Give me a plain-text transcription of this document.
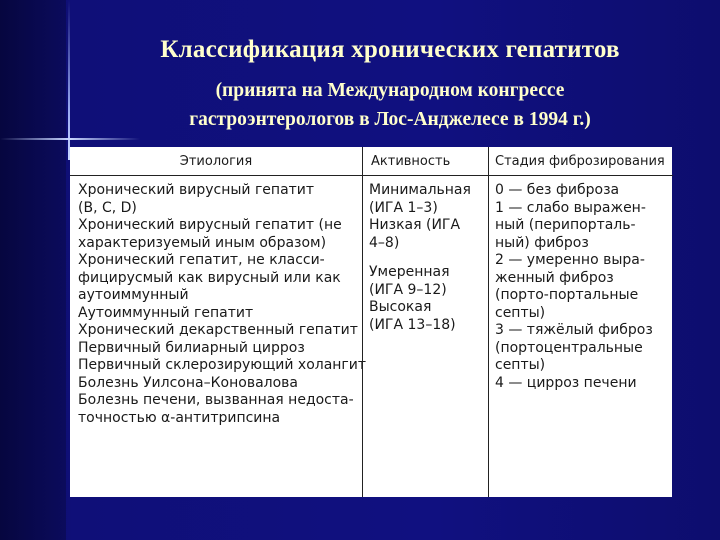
Классификация хронических гепатитов
(принята на Международном конгрессе
гастроэнтерологов в Лос-Анджелесе в 1994 г.)
Этиология
Хронический вирусный гепатит
(В, С, D)
Хронический вирусный гепатит (не
характеризуемый иным образом)
Хронический гепатит, не класси-
фицирусмый как вирусный или как
аутоиммунный
Аутоиммунный гепатит
Хронический декарственный гепатит
Первичный билиарный цирроз
Первичный склерозирующий холангит
Болезнь Уилсона–Коновалова
Болезнь печени, вызванная недоста-
точностью α-антитрипсина
Активность
Минимальная
(ИГА 1–3)
Низкая (ИГА
4–8)
Умеренная
(ИГА 9–12)
Высокая
(ИГА 13–18)
Стадия фиброзирования
0 — без фиброза
1 — слабо выражен-
ный (перипорталь-
ный) фиброз
2 — умеренно выра-
женный фиброз
(порто-портальные
септы)
3 — тяжёлый фиброз
(портоцентральные
септы)
4 — цирроз печени
